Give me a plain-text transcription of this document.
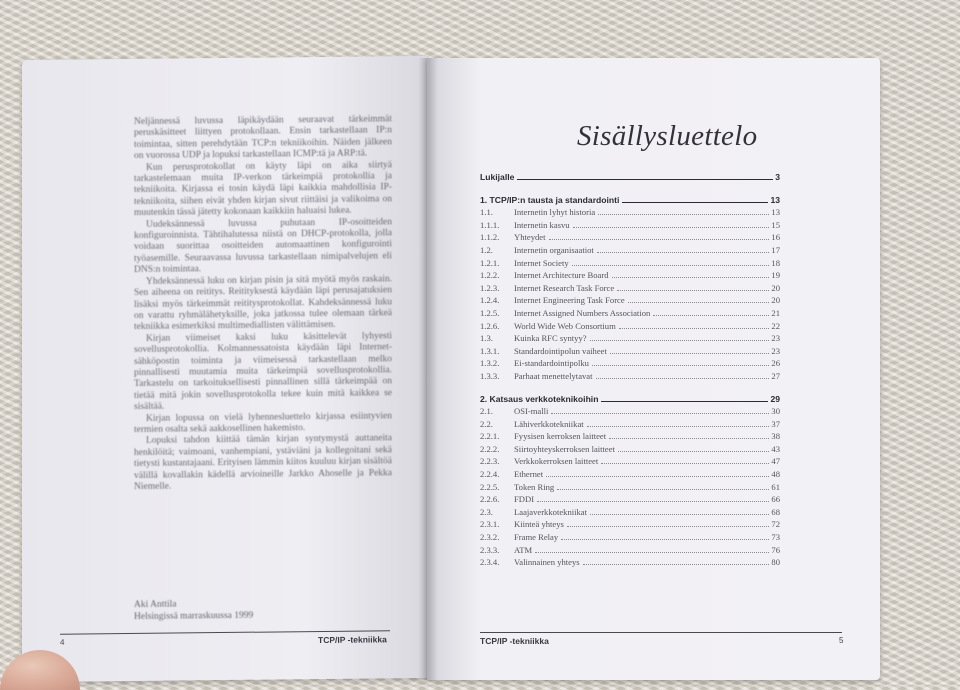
Neljännessä luvussa läpikäydään seuraavat tärkeimmät peruskäsitteet liittyen protokollaan. Ensin tarkastellaan IP:n toimintaa, sitten perehdytään TCP:n tekniikoihin. Näiden jälkeen on vuorossa UDP ja lopuksi tarkastellaan ICMP:tä ja ARP:tä.

Kun perusprotokollat on käyty läpi on aika siirtyä tarkastelemaan muita IP-verkon tärkeimpiä protokollia ja tekniikoita. Kirjassa ei tosin käydä läpi kaikkia mahdollisia IP-tekniikoita, siihen eivät yhden kirjan sivut riittäisi ja valikoima on muutenkin tässä jätetty kokonaan kaikkiin haluaisi lukea.

Uudeksännessä luvussa puhutaan IP-osoitteiden konfiguroinnista. Tähtihalutessa niistä on DHCP-protokolla, jolla voidaan suorittaa osoitteiden automaattinen konfigurointi työasemille. Seuraavassa luvussa tarkastellaan nimipalvelujen eli DNS:n toimintaa.

Yhdeksännessä luku on kirjan pisin ja sitä myötä myös raskain. Sen aiheena on reititys. Reitityksestä käydään läpi perusajatuksien lisäksi myös tärkeimmät reititysprotokollat. Kahdeksännessä luku on varattu ryhmälähetyksille, joka jatkossa tulee olemaan tärkeä tekniikka esimerkiksi multimediallisten välittämisen.

Kirjan viimeiset kaksi luku käsittelevät lyhyesti sovellusprotokollia. Kolmannessatoista käydään läpi Internet-sähköpostin toiminta ja viimeisessä tarkastellaan melko pinnallisesti muutamia muita tärkeimpiä sovellusprotokollia. Tarkastelu on tarkoituksellisesti pinnallinen sillä tärkeimpää on tietää mitä jokin sovellusprotokolla tekee kuin mitä kaikkea se sisältää.

Kirjan lopussa on vielä lyhennesluettelo kirjassa esiintyvien termien osalta sekä aakkosellinen hakemisto.

Lopuksi tahdon kiittää tämän kirjan syntymystä auttaneita henkilöitä; vaimoani, vanhempiani, ystäviäni ja kollegoitani sekä tietysti kustantajaani. Erityisen lämmin kiitos kuuluu kirjan sisältöä välillä kovallakin kädellä arvioineille Jarkko Ahoselle ja Pekka Niemelle.

Aki Anttila
Helsingissä marraskuussa 1999
4	TCP/IP -tekniikka
Sisällysluettelo
Lukijalle	3
1. TCP/IP:n tausta ja standardointi	13
1.1.	Internetin lyhyt historia	13
1.1.1.	Internetin kasvu	15
1.1.2.	Yhteydet	16
1.2.	Internetin organisaatiot	17
1.2.1.	Internet Society	18
1.2.2.	Internet Architecture Board	19
1.2.3.	Internet Research Task Force	20
1.2.4.	Internet Engineering Task Force	20
1.2.5.	Internet Assigned Numbers Association	21
1.2.6.	World Wide Web Consortium	22
1.3.	Kuinka RFC syntyy?	23
1.3.1.	Standardointipolun vaiheet	23
1.3.2.	Ei-standardointipolku	26
1.3.3.	Parhaat menettelytavat	27
2. Katsaus verkkoteknikoihin	29
2.1.	OSI-malli	30
2.2.	Lähiverkkotekniikat	37
2.2.1.	Fyysisen kerroksen laitteet	38
2.2.2.	Siirtoyhteyskerroksen laitteet	43
2.2.3.	Verkkokerroksen laitteet	47
2.2.4.	Ethernet	48
2.2.5.	Token Ring	61
2.2.6.	FDDI	66
2.3.	Laajaverkkotekniikat	68
2.3.1.	Kiinteä yhteys	72
2.3.2.	Frame Relay	73
2.3.3.	ATM	76
2.3.4.	Valinnainen yhteys	80
TCP/IP -tekniikka	5
